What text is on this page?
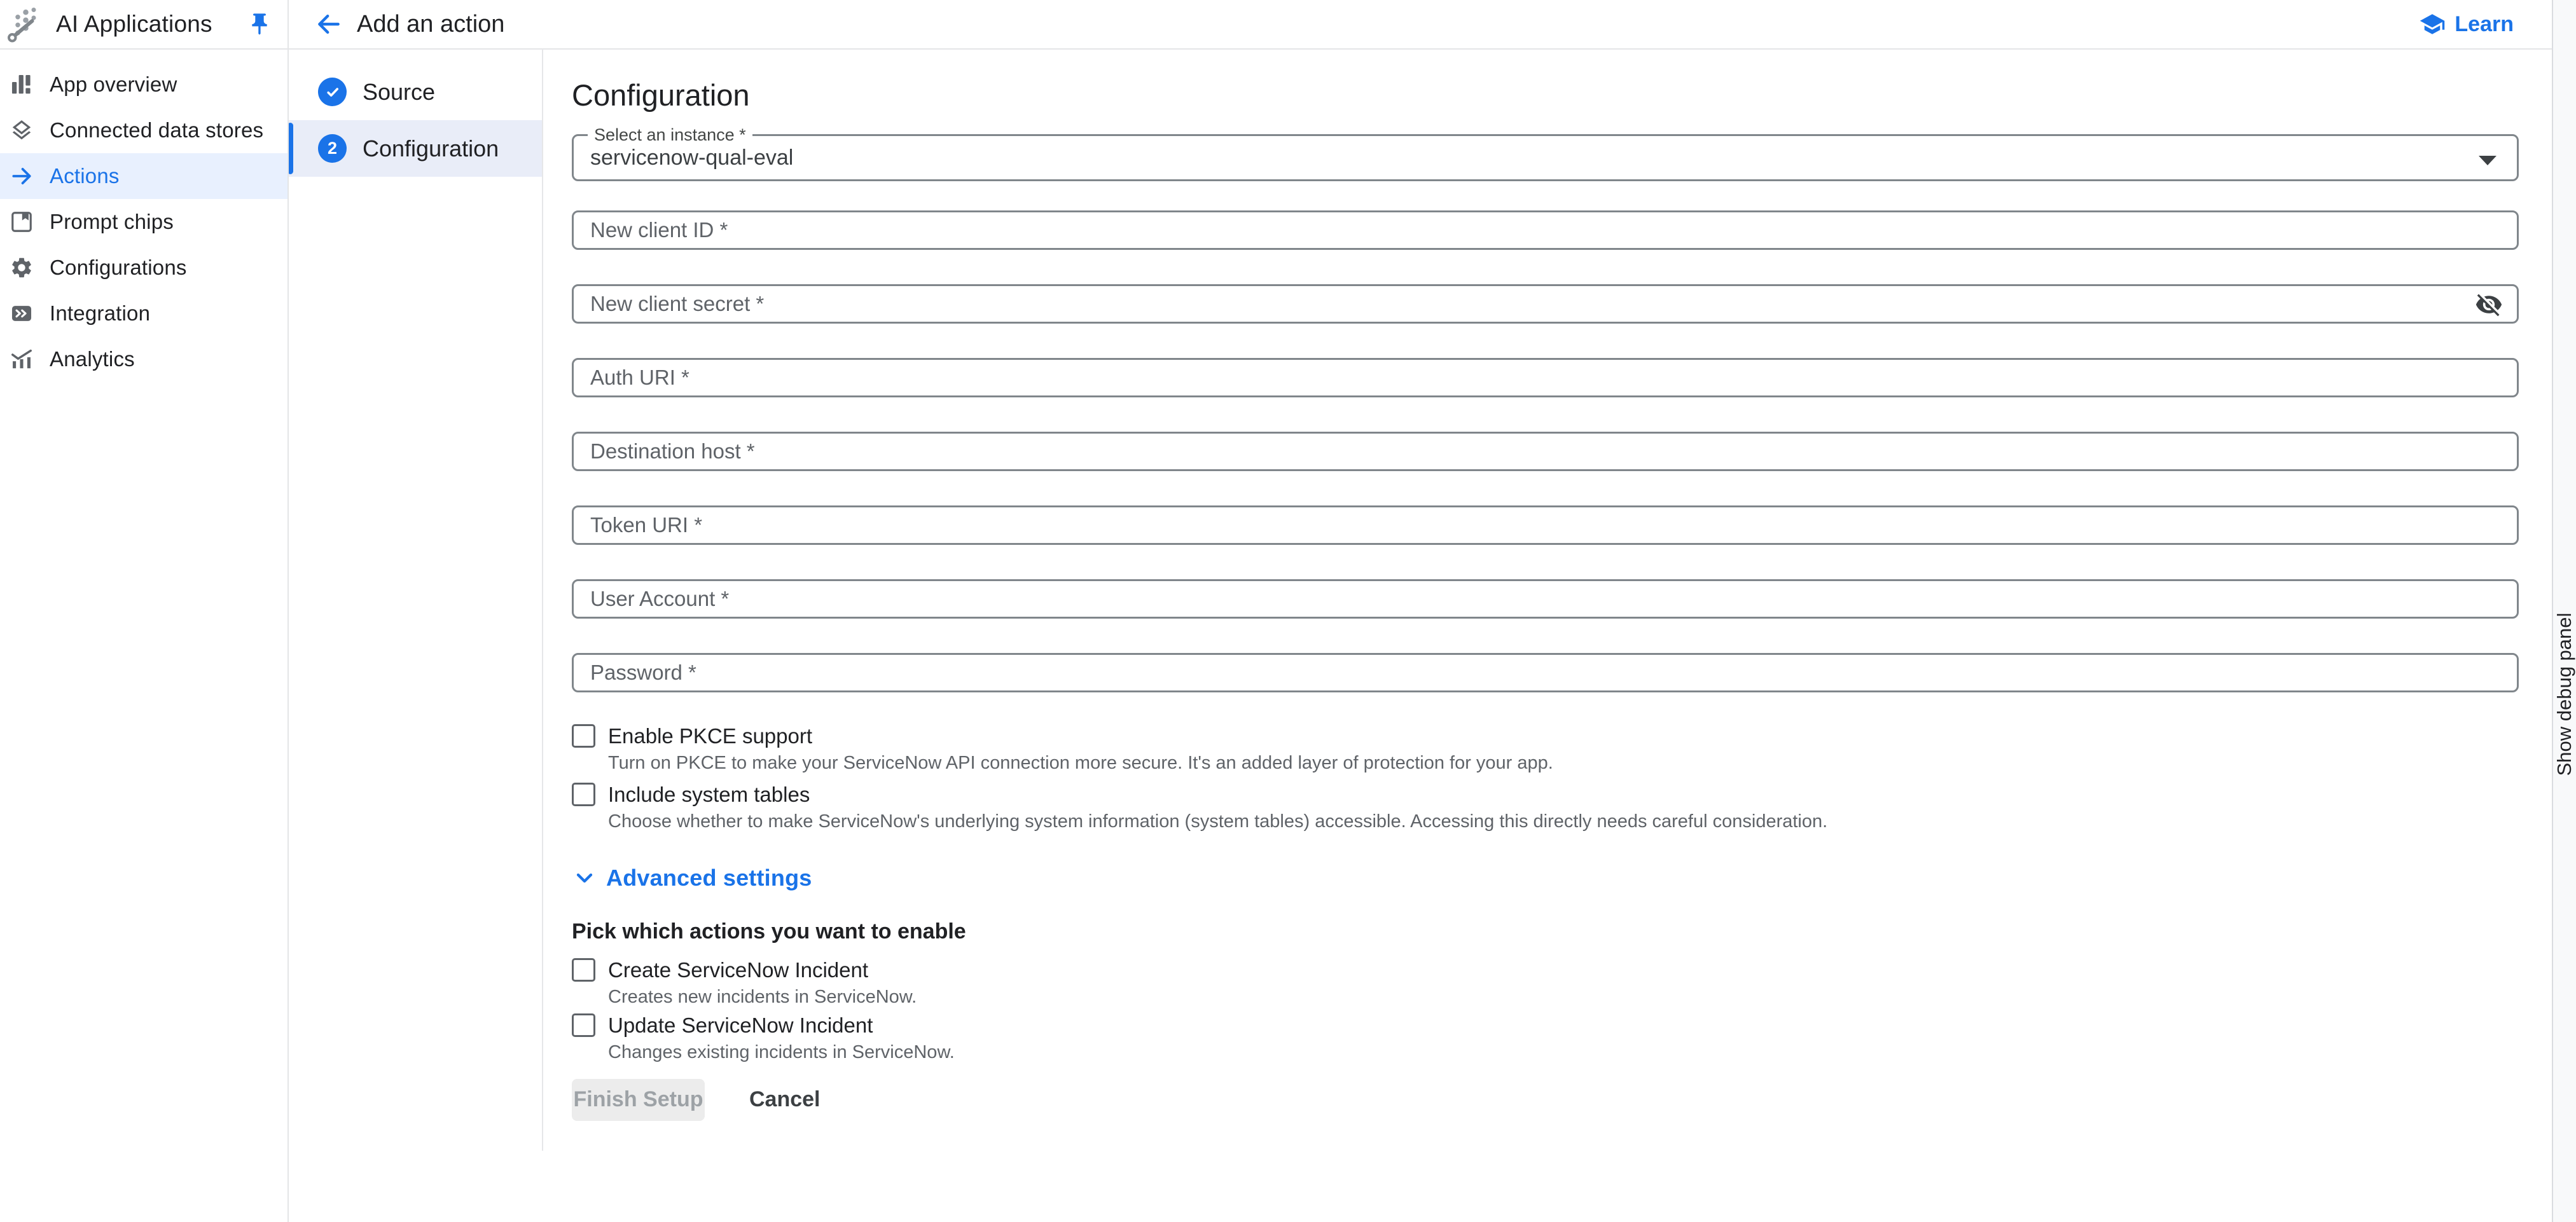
AI Applications	Add an action	Learn
App overview
Connected data stores
Actions
Prompt chips
Configurations
Integration
Analytics
Source
2 Configuration
Configuration
Select an instance *
servicenow-qual-eval
New client ID *
New client secret *
Auth URI *
Destination host *
Token URI *
User Account *
Password *
Enable PKCE support
Turn on PKCE to make your ServiceNow API connection more secure. It's an added layer of protection for your app.
Include system tables
Choose whether to make ServiceNow's underlying system information (system tables) accessible. Accessing this directly needs careful consideration.
Advanced settings
Pick which actions you want to enable
Create ServiceNow Incident
Creates new incidents in ServiceNow.
Update ServiceNow Incident
Changes existing incidents in ServiceNow.
Finish Setup	Cancel
Show debug panel
